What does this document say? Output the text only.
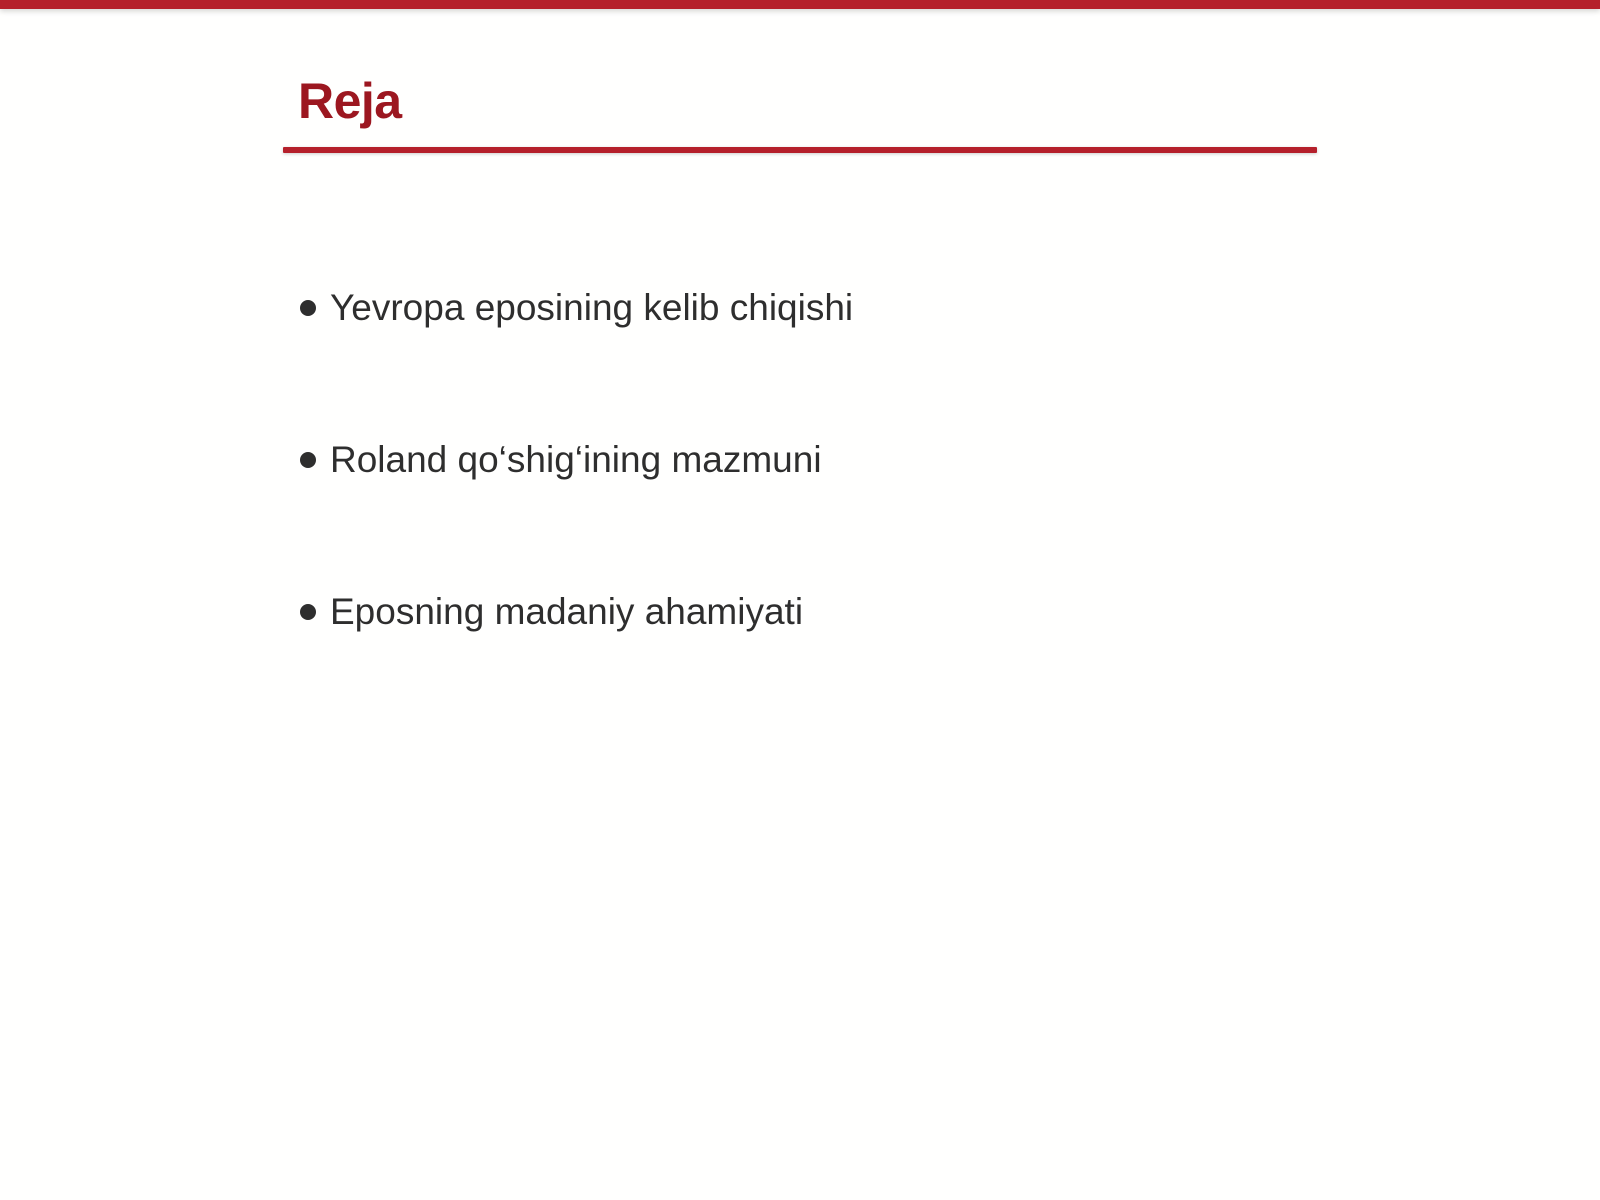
Reja
Yevropa eposining kelib chiqishi
Roland qo‘shig‘ining mazmuni
Eposning madaniy ahamiyati
